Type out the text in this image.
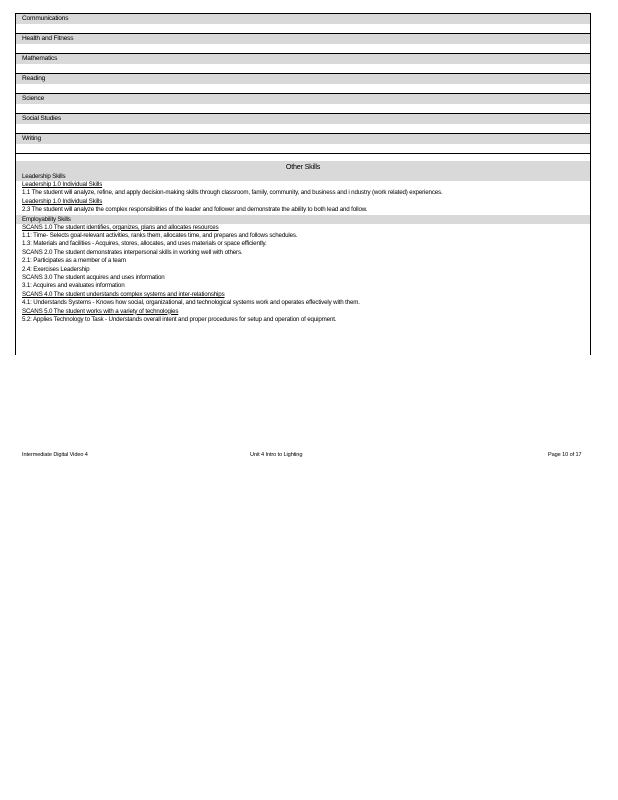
Communications
Health and Fitness
Mathematics
Reading
Science
Social Studies
Writing
Other Skills
Leadership Skills
Leadership 1.0 Individual Skills
1.1 The student will analyze, refine, and apply decision-making skills through classroom, family, community, and business and i ndustry (work related) experiences.
Leadership 1.0 Individual Skills
2.3 The student will analyze the complex responsibilities of the leader and follower and demonstrate the ability to both lead and follow.
Employability Skills
SCANS 1.0 The student identifies, organizes, plans and allocates resources
1.1: Time- Selects goal-relevant activities, ranks them, allocates time, and prepares and follows schedules.
1.3: Materials and facilities - Acquires, stores, allocates, and uses materials or space efficiently.
SCANS 2.0 The student demonstrates interpersonal skills in working well with others.
2.1: Participates as a member of a team
2.4: Exercises Leadership
SCANS 3.0 The student acquires and uses information
3.1: Acquires and evaluates information
SCANS 4.0 The student understands complex systems and inter-relationships
4.1: Understands Systems - Knows how social, organizational, and technological systems work and operates effectively with them.
SCANS 5.0 The student works with a variety of technologies
5.2: Applies Technology to Task - Understands overall intent and proper procedures for setup and operation of equipment.
Intermediate Digital Video 4	Unit 4 Intro to Lighting	Page 10 of 17
